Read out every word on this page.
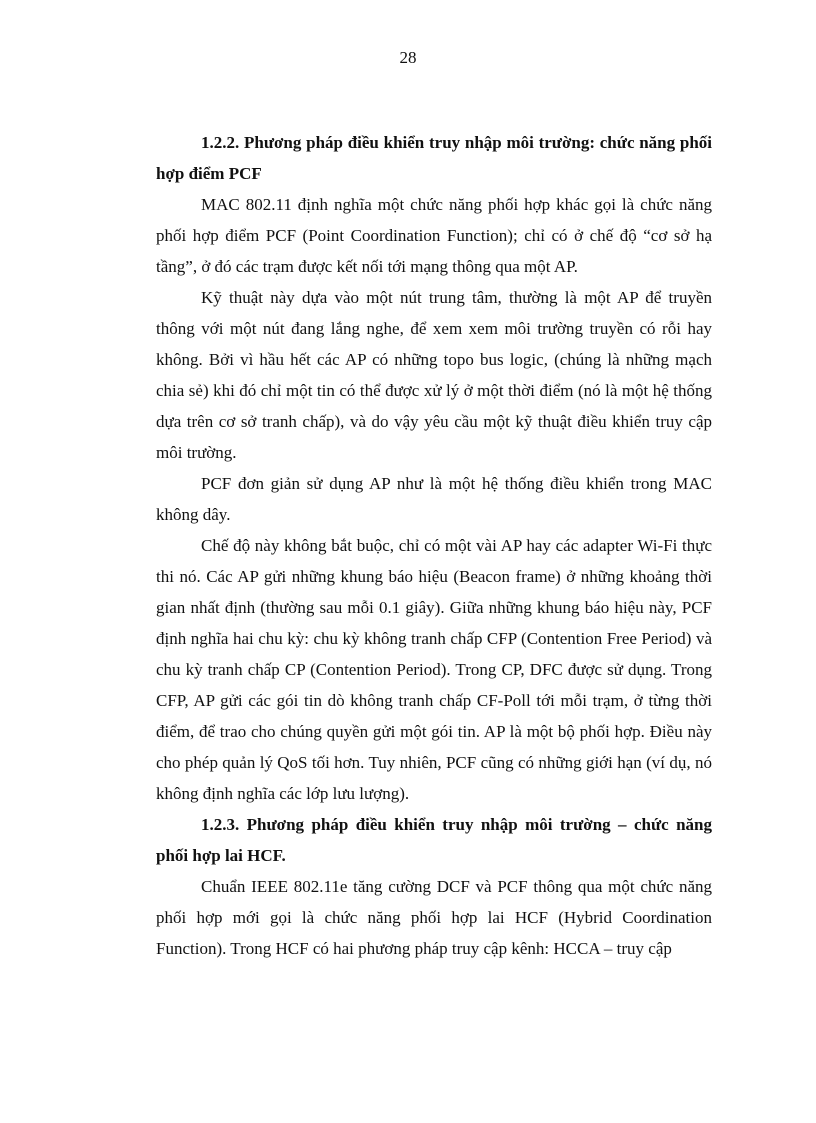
28
1.2.2. Phương pháp điều khiển truy nhập môi trường: chức năng phối hợp điểm PCF

MAC 802.11 định nghĩa một chức năng phối hợp khác gọi là chức năng phối hợp điểm PCF (Point Coordination Function); chỉ có ở chế độ “cơ sở hạ tầng”, ở đó các trạm được kết nối tới mạng thông qua một AP.

Kỹ thuật này dựa vào một nút trung tâm, thường là một AP để truyền thông với một nút đang lắng nghe, để xem xem môi trường truyền có rỗi hay không. Bởi vì hầu hết các AP có những topo bus logic, (chúng là những mạch chia sẻ) khi đó chỉ một tin có thể được xử lý ở một thời điểm (nó là một hệ thống dựa trên cơ sở tranh chấp), và do vậy yêu cầu một kỹ thuật điều khiển truy cập môi trường.

PCF đơn giản sử dụng AP như là một hệ thống điều khiển trong MAC không dây.

Chế độ này không bắt buộc, chỉ có một vài AP hay các adapter Wi-Fi thực thi nó. Các AP gửi những khung báo hiệu (Beacon frame) ở những khoảng thời gian nhất định (thường sau mỗi 0.1 giây). Giữa những khung báo hiệu này, PCF định nghĩa hai chu kỳ: chu kỳ không tranh chấp CFP (Contention Free Period) và chu kỳ tranh chấp CP (Contention Period). Trong CP, DFC được sử dụng. Trong CFP, AP gửi các gói tin dò không tranh chấp CF-Poll tới mỗi trạm, ở từng thời điểm, để trao cho chúng quyền gửi một gói tin. AP là một bộ phối hợp. Điều này cho phép quản lý QoS tối hơn. Tuy nhiên, PCF cũng có những giới hạn (ví dụ, nó không định nghĩa các lớp lưu lượng).

1.2.3. Phương pháp điều khiển truy nhập môi trường – chức năng phối hợp lai HCF.

Chuẩn IEEE 802.11e tăng cường DCF và PCF thông qua một chức năng phối hợp mới gọi là chức năng phối hợp lai HCF (Hybrid Coordination Function). Trong HCF có hai phương pháp truy cập kênh: HCCA – truy cập
